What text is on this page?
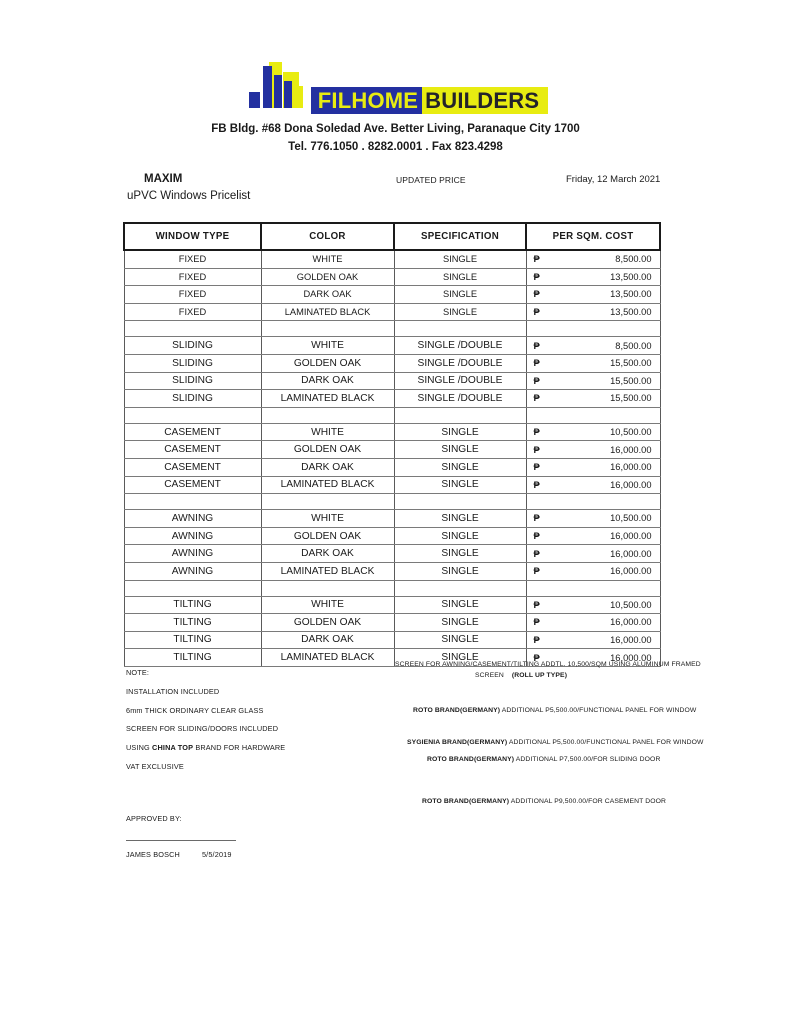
FILHOME BUILDERS
FB Bldg. #68 Dona Soledad Ave. Better Living, Paranaque City 1700
Tel. 776.1050 . 8282.0001 . Fax 823.4298
MAXIM
uPVC Windows Pricelist
UPDATED PRICE	Friday, 12 March 2021
WINDOW TYPE	COLOR	SPECIFICATION	PER SQM. COST
FIXED	WHITE	SINGLE	₱ 8,500.00

FIXED	GOLDEN OAK	SINGLE	₱ 13,500.00

FIXED	DARK OAK	SINGLE	₱ 13,500.00

FIXED	LAMINATED BLACK	SINGLE	₱ 13,500.00

SLIDING	WHITE	SINGLE /DOUBLE	₱ 8,500.00

SLIDING	GOLDEN OAK	SINGLE /DOUBLE	₱ 15,500.00

SLIDING	DARK OAK	SINGLE /DOUBLE	₱ 15,500.00

SLIDING	LAMINATED BLACK	SINGLE /DOUBLE	₱ 15,500.00

CASEMENT	WHITE	SINGLE	₱ 10,500.00

CASEMENT	GOLDEN OAK	SINGLE	₱ 16,000.00

CASEMENT	DARK OAK	SINGLE	₱ 16,000.00

CASEMENT	LAMINATED BLACK	SINGLE	₱ 16,000.00

AWNING	WHITE	SINGLE	₱ 10,500.00

AWNING	GOLDEN OAK	SINGLE	₱ 16,000.00

AWNING	DARK OAK	SINGLE	₱ 16,000.00

AWNING	LAMINATED BLACK	SINGLE	₱ 16,000.00

TILTING	WHITE	SINGLE	₱ 10,500.00

TILTING	GOLDEN OAK	SINGLE	₱ 16,000.00

TILTING	DARK OAK	SINGLE	₱ 16,000.00

TILTING	LAMINATED BLACK	SINGLE	₱ 16,000.00
NOTE:
INSTALLATION INCLUDED
6mm THICK ORDINARY CLEAR GLASS
SCREEN FOR SLIDING/DOORS INCLUDED
USING CHINA TOP BRAND FOR HARDWARE
VAT EXCLUSIVE
SCREEN FOR AWNING/CASEMENT/TILTING ADDTL. 10,500/SQM USING ALUMINUM FRAMED
SCREEN (ROLL UP TYPE)
ROTO BRAND(GERMANY) ADDITIONAL P5,500.00/FUNCTIONAL PANEL FOR WINDOW
SYGIENIA BRAND(GERMANY) ADDITIONAL P5,500.00/FUNCTIONAL PANEL FOR WINDOW
ROTO BRAND(GERMANY) ADDITIONAL P7,500.00/FOR SLIDING DOOR
ROTO BRAND(GERMANY) ADDITIONAL P9,500.00/FOR CASEMENT DOOR
APPROVED BY:
JAMES BOSCH	5/5/2019
